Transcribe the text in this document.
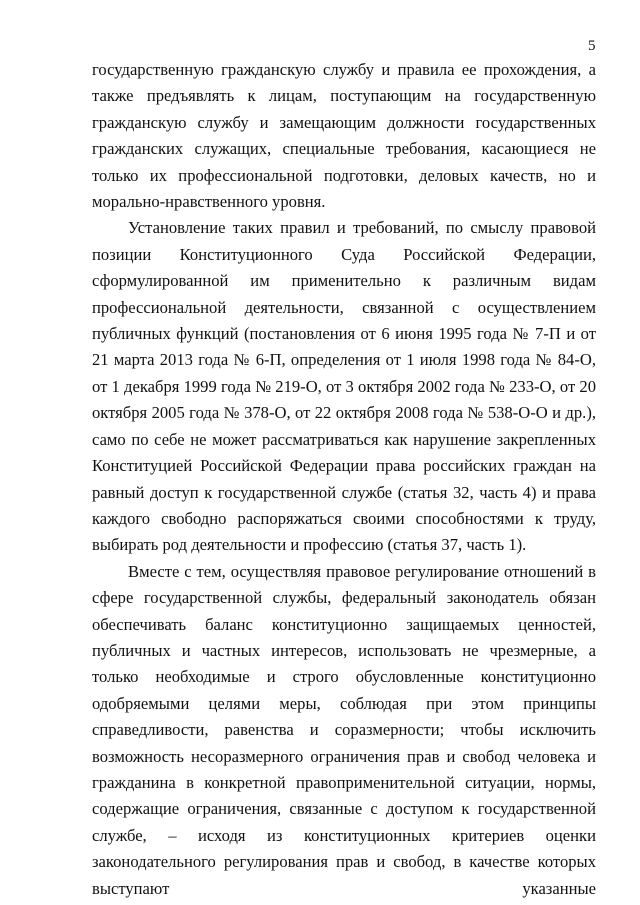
5

государственную гражданскую службу и правила ее прохождения, а также предъявлять к лицам, поступающим на государственную гражданскую службу и замещающим должности государственных гражданских служащих, специальные требования, касающиеся не только их профессиональной подготовки, деловых качеств, но и морально-нравственного уровня.

Установление таких правил и требований, по смыслу правовой позиции Конституционного Суда Российской Федерации, сформулированной им применительно к различным видам профессиональной деятельности, связанной с осуществлением публичных функций (постановления от 6 июня 1995 года № 7-П и от 21 марта 2013 года № 6-П, определения от 1 июля 1998 года № 84-О, от 1 декабря 1999 года № 219-О, от 3 октября 2002 года № 233-О, от 20 октября 2005 года № 378-О, от 22 октября 2008 года № 538-О-О и др.), само по себе не может рассматриваться как нарушение закрепленных Конституцией Российской Федерации права российских граждан на равный доступ к государственной службе (статья 32, часть 4) и права каждого свободно распоряжаться своими способностями к труду, выбирать род деятельности и профессию (статья 37, часть 1).

Вместе с тем, осуществляя правовое регулирование отношений в сфере государственной службы, федеральный законодатель обязан обеспечивать баланс конституционно защищаемых ценностей, публичных и частных интересов, использовать не чрезмерные, а только необходимые и строго обусловленные конституционно одобряемыми целями меры, соблюдая при этом принципы справедливости, равенства и соразмерности; чтобы исключить возможность несоразмерного ограничения прав и свобод человека и гражданина в конкретной правоприменительной ситуации, нормы, содержащие ограничения, связанные с доступом к государственной службе, – исходя из конституционных критериев оценки законодательного регулирования прав и свобод, в качестве которых выступают указанные
